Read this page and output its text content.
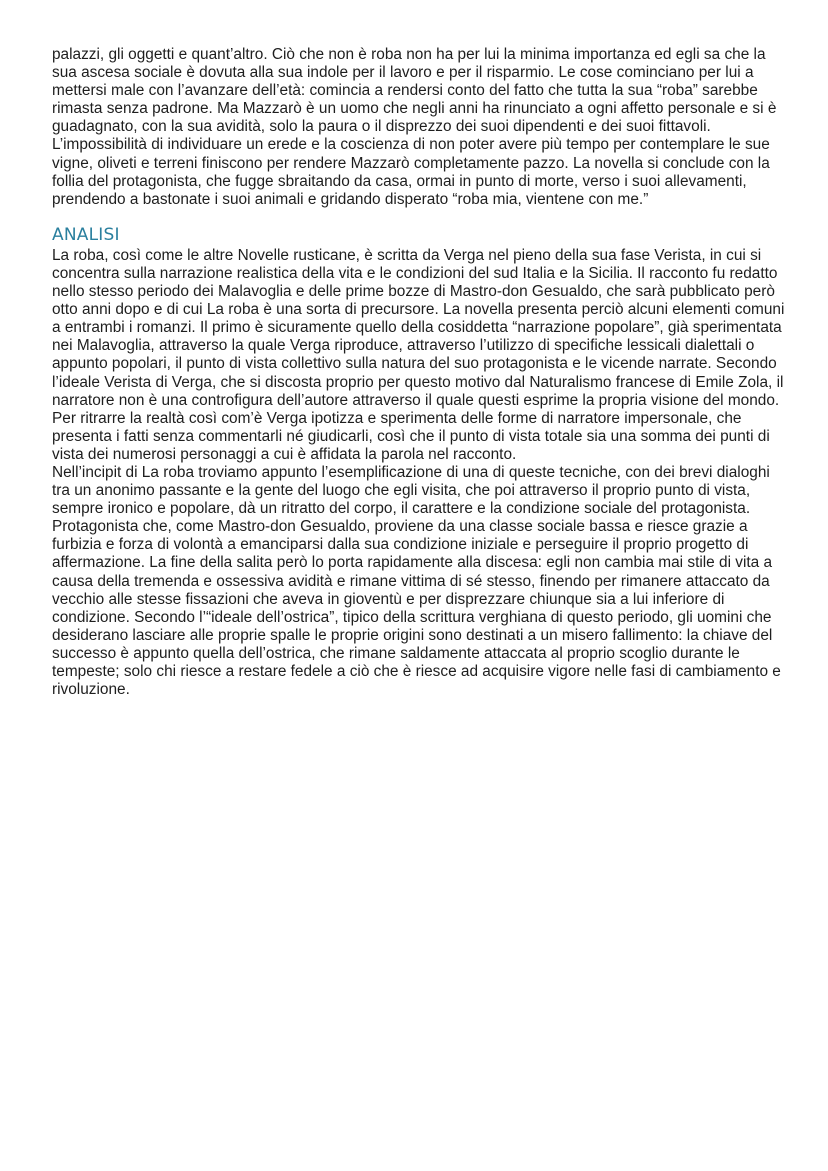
palazzi, gli oggetti e quant’altro. Ciò che non è roba non ha per lui la minima importanza ed egli sa che la sua ascesa sociale è dovuta alla sua indole per il lavoro e per il risparmio. Le cose cominciano per lui a mettersi male con l’avanzare dell’età: comincia a rendersi conto del fatto che tutta la sua “roba” sarebbe rimasta senza padrone. Ma Mazzarò è un uomo che negli anni ha rinunciato a ogni affetto personale e si è guadagnato, con la sua avidità, solo la paura o il disprezzo dei suoi dipendenti e dei suoi fittavoli. L’impossibilità di individuare un erede e la coscienza di non poter avere più tempo per contemplare le sue vigne, oliveti e terreni finiscono per rendere Mazzarò completamente pazzo. La novella si conclude con la follia del protagonista, che fugge sbraitando da casa, ormai in punto di morte, verso i suoi allevamenti, prendendo a bastonate i suoi animali e gridando disperato “roba mia, vientene con me.”

ANALISI

La roba, così come le altre Novelle rusticane, è scritta da Verga nel pieno della sua fase Verista, in cui si concentra sulla narrazione realistica della vita e le condizioni del sud Italia e la Sicilia. Il racconto fu redatto nello stesso periodo dei Malavoglia e delle prime bozze di Mastro-don Gesualdo, che sarà pubblicato però otto anni dopo e di cui La roba è una sorta di precursore. La novella presenta perciò alcuni elementi comuni a entrambi i romanzi. Il primo è sicuramente quello della cosiddetta “narrazione popolare”, già sperimentata nei Malavoglia, attraverso la quale Verga riproduce, attraverso l’utilizzo di specifiche lessicali dialettali o appunto popolari, il punto di vista collettivo sulla natura del suo protagonista e le vicende narrate. Secondo l’ideale Verista di Verga, che si discosta proprio per questo motivo dal Naturalismo francese di Emile Zola, il narratore non è una controfigura dell’autore attraverso il quale questi esprime la propria visione del mondo.

Per ritrarre la realtà così com’è Verga ipotizza e sperimenta delle forme di narratore impersonale, che presenta i fatti senza commentarli né giudicarli, così che il punto di vista totale sia una somma dei punti di vista dei numerosi personaggi a cui è affidata la parola nel racconto.

Nell’incipit di La roba troviamo appunto l’esemplificazione di una di queste tecniche, con dei brevi dialoghi tra un anonimo passante e la gente del luogo che egli visita, che poi attraverso il proprio punto di vista, sempre ironico e popolare, dà un ritratto del corpo, il carattere e la condizione sociale del protagonista.

Protagonista che, come Mastro-don Gesualdo, proviene da una classe sociale bassa e riesce grazie a furbizia e forza di volontà a emanciparsi dalla sua condizione iniziale e perseguire il proprio progetto di affermazione. La fine della salita però lo porta rapidamente alla discesa: egli non cambia mai stile di vita a causa della tremenda e ossessiva avidità e rimane vittima di sé stesso, finendo per rimanere attaccato da vecchio alle stesse fissazioni che aveva in gioventù e per disprezzare chiunque sia a lui inferiore di condizione. Secondo l’“ideale dell’ostrica”, tipico della scrittura verghiana di questo periodo, gli uomini che desiderano lasciare alle proprie spalle le proprie origini sono destinati a un misero fallimento: la chiave del successo è appunto quella dell’ostrica, che rimane saldamente attaccata al proprio scoglio durante le tempeste; solo chi riesce a restare fedele a ciò che è riesce ad acquisire vigore nelle fasi di cambiamento e rivoluzione.
